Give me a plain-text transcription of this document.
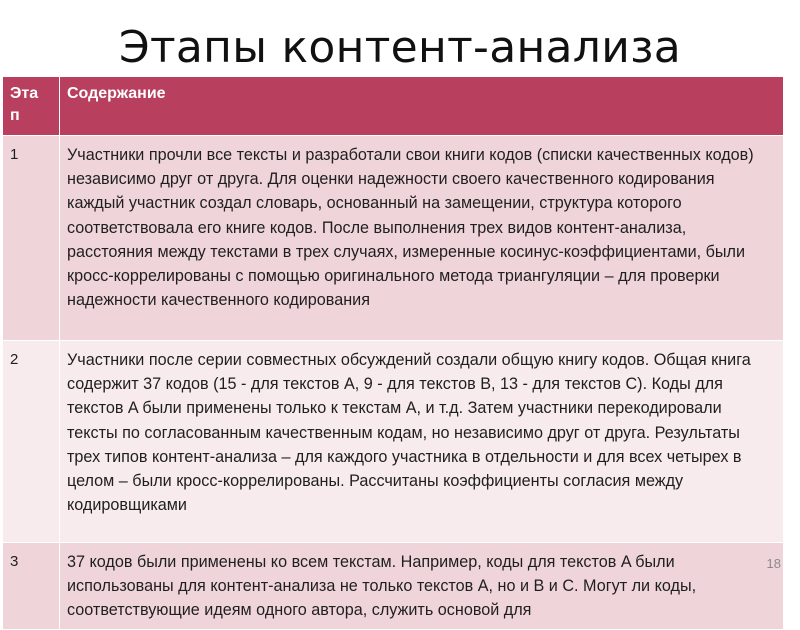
Этапы контент-анализа
Эта п	Содержание
1	Участники прочли все тексты и разработали свои книги кодов (списки качественных кодов) независимо друг от друга. Для оценки надежности своего качественного кодирования каждый участник создал словарь, основанный на замещении, структура которого соответствовала его книге кодов. После выполнения трех видов контент-анализа, расстояния между текстами в трех случаях, измеренные косинус-коэффициентами, были кросс-коррелированы с помощью оригинального метода триангуляции – для проверки надежности качественного кодирования
2	Участники после серии совместных обсуждений создали общую книгу кодов. Общая книга содержит 37 кодов (15 - для текстов A, 9 - для текстов B, 13 - для текстов C). Коды для текстов A были применены только к текстам A, и т.д. Затем участники перекодировали тексты по согласованным качественным кодам, но независимо друг от друга. Результаты трех типов контент-анализа – для каждого участника в отдельности и для всех четырех в целом – были кросс-коррелированы. Рассчитаны коэффициенты согласия между кодировщиками
3	37 кодов были применены ко всем текстам. Например, коды для текстов A были использованы для контент-анализа не только текстов A, но и B и C. Могут ли коды, соответствующие идеям одного автора, служить основой для
18
